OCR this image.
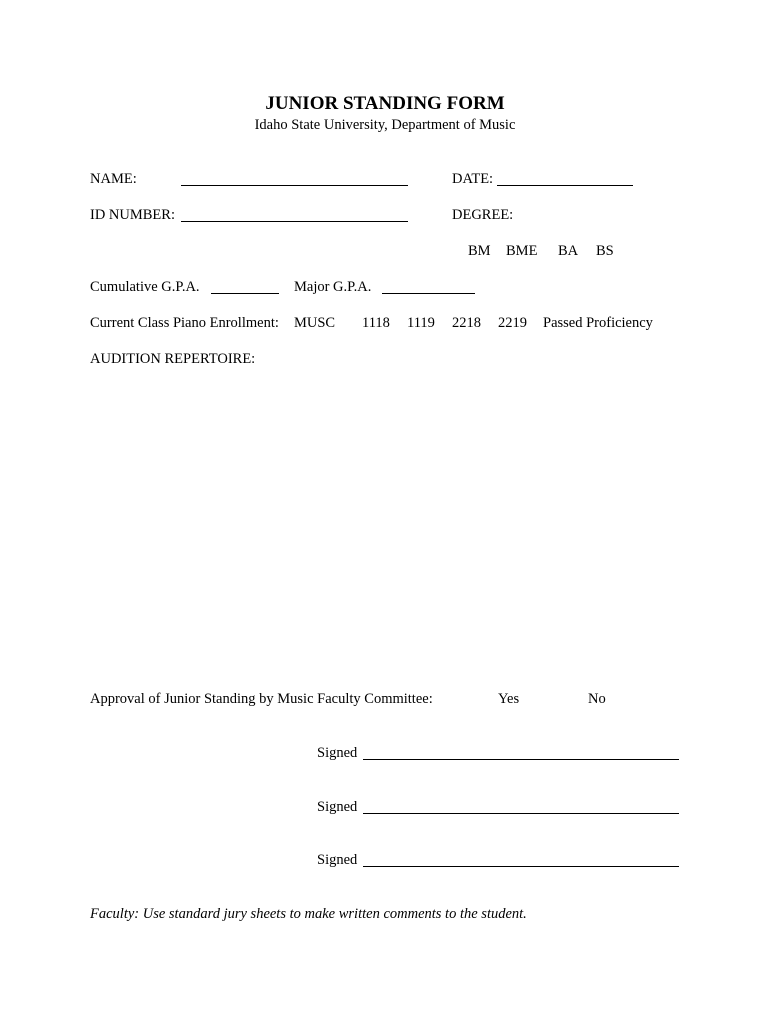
JUNIOR STANDING FORM
Idaho State University, Department of Music
NAME:	DATE:
ID NUMBER:	DEGREE:
BM BME BA BS
Cumulative G.P.A.	Major G.P.A.
Current Class Piano Enrollment: MUSC 1118 1119 2218 2219 Passed Proficiency
AUDITION REPERTOIRE:
Approval of Junior Standing by Music Faculty Committee:	Yes	No
Signed
Signed
Signed
Faculty: Use standard jury sheets to make written comments to the student.
